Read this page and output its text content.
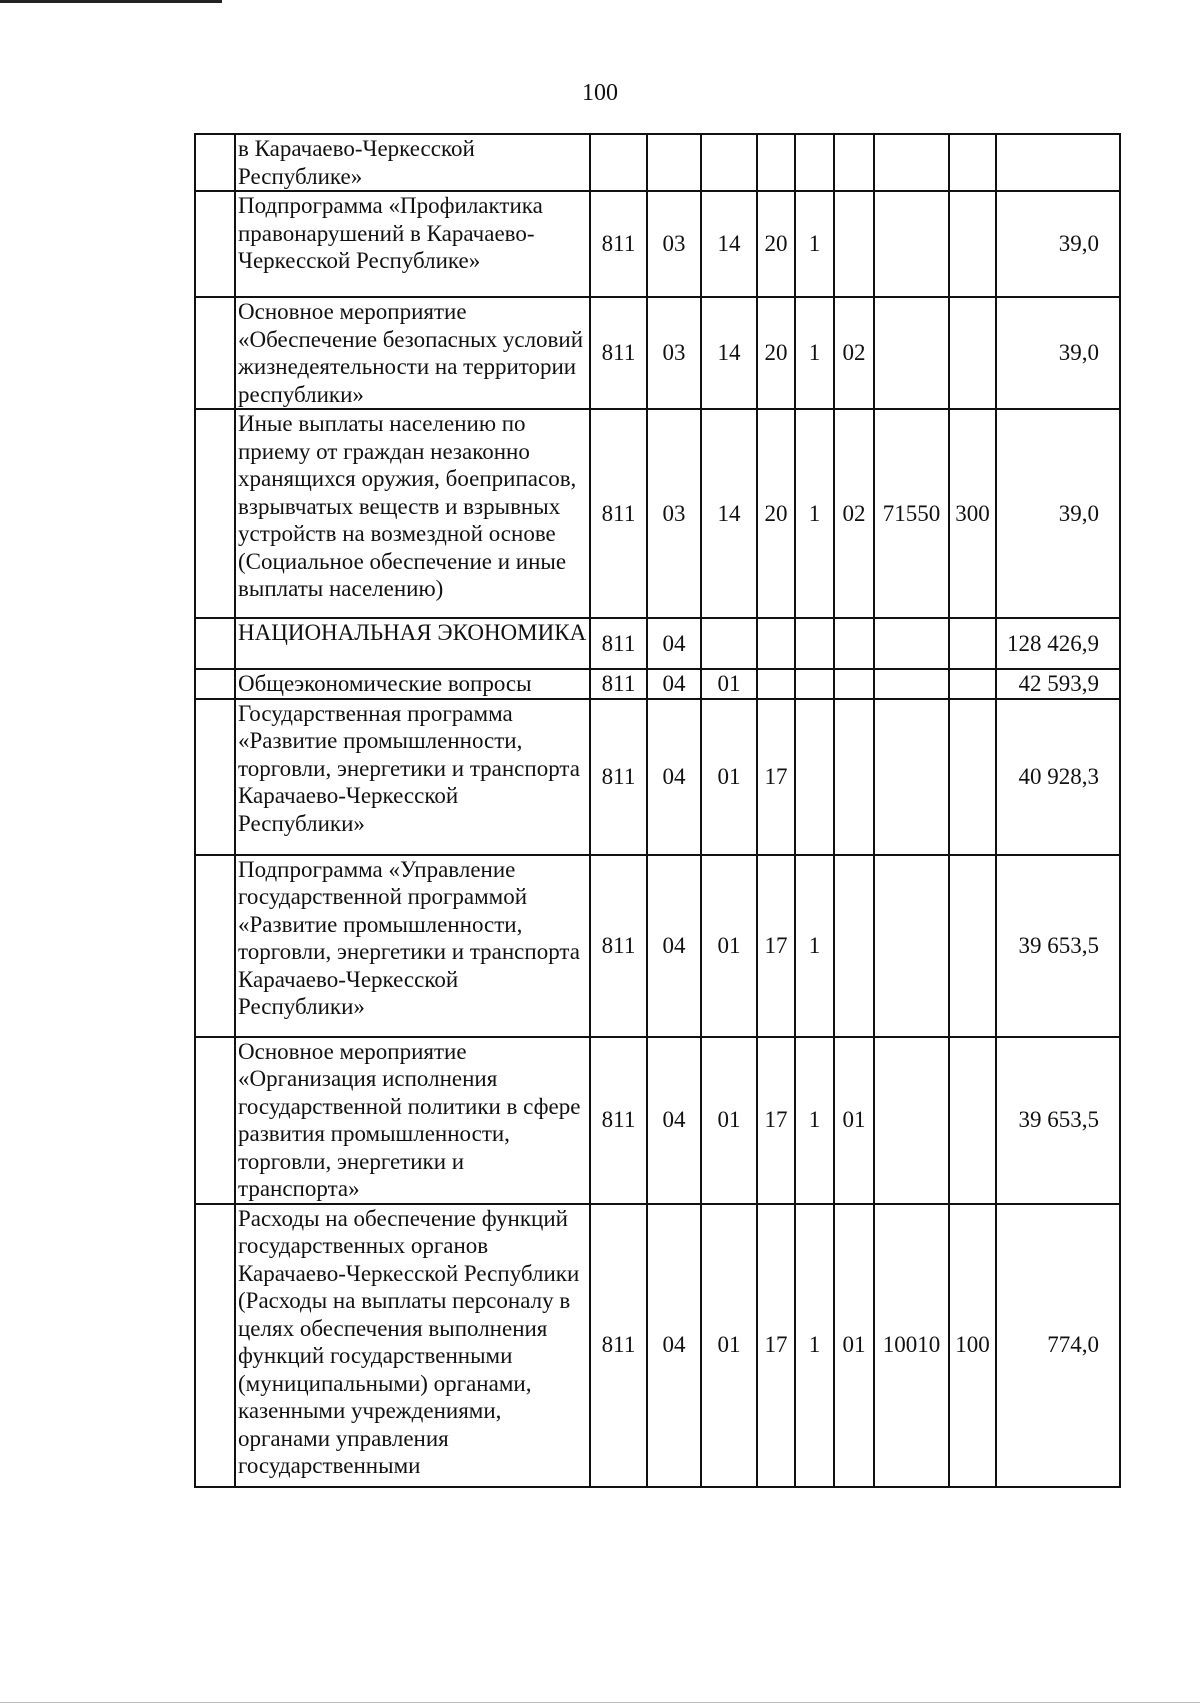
100
	в Карачаево-Черкесской Республике»									
	Подпрограмма «Профилактика правонарушений в Карачаево-Черкесской Республике»	811	03	14	20	1				39,0
	Основное мероприятие «Обеспечение безопасных условий жизнедеятельности на территории республики»	811	03	14	20	1	02			39,0
	Иные выплаты населению по приему от граждан незаконно хранящихся оружия, боеприпасов, взрывчатых веществ и взрывных устройств на возмездной основе (Социальное обеспечение и иные выплаты населению)	811	03	14	20	1	02	71550	300	39,0
	НАЦИОНАЛЬНАЯ ЭКОНОМИКА	811	04							128 426,9
	Общеэкономические вопросы	811	04	01						42 593,9
	Государственная программа «Развитие промышленности, торговли, энергетики и транспорта Карачаево-Черкесской Республики»	811	04	01	17					40 928,3
	Подпрограмма «Управление государственной программой «Развитие промышленности, торговли, энергетики и транспорта Карачаево-Черкесской Республики»	811	04	01	17	1				39 653,5
	Основное мероприятие «Организация исполнения государственной политики в сфере развития промышленности, торговли, энергетики и транспорта»	811	04	01	17	1	01			39 653,5
	Расходы на обеспечение функций государственных органов Карачаево-Черкесской Республики (Расходы на выплаты персоналу в целях обеспечения выполнения функций государственными (муниципальными) органами, казенными учреждениями, органами управления государственными	811	04	01	17	1	01	10010	100	774,0
